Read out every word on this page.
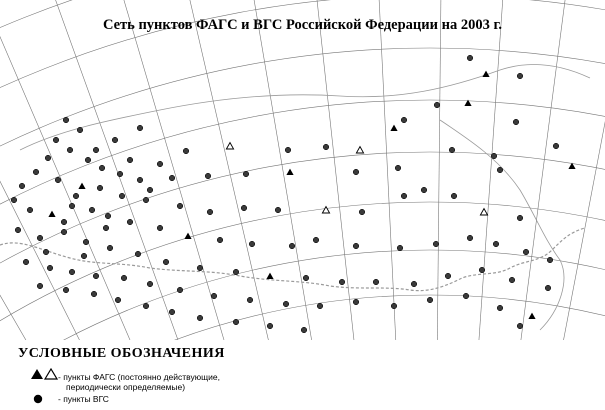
Сеть пунктов ФАГС и ВГС Российской Федерации на 2003 г.
УСЛОВНЫЕ ОБОЗНАЧЕНИЯ
- пункты ФАГС (постоянно действующие,
периодически определяемые)
- пункты ВГС
